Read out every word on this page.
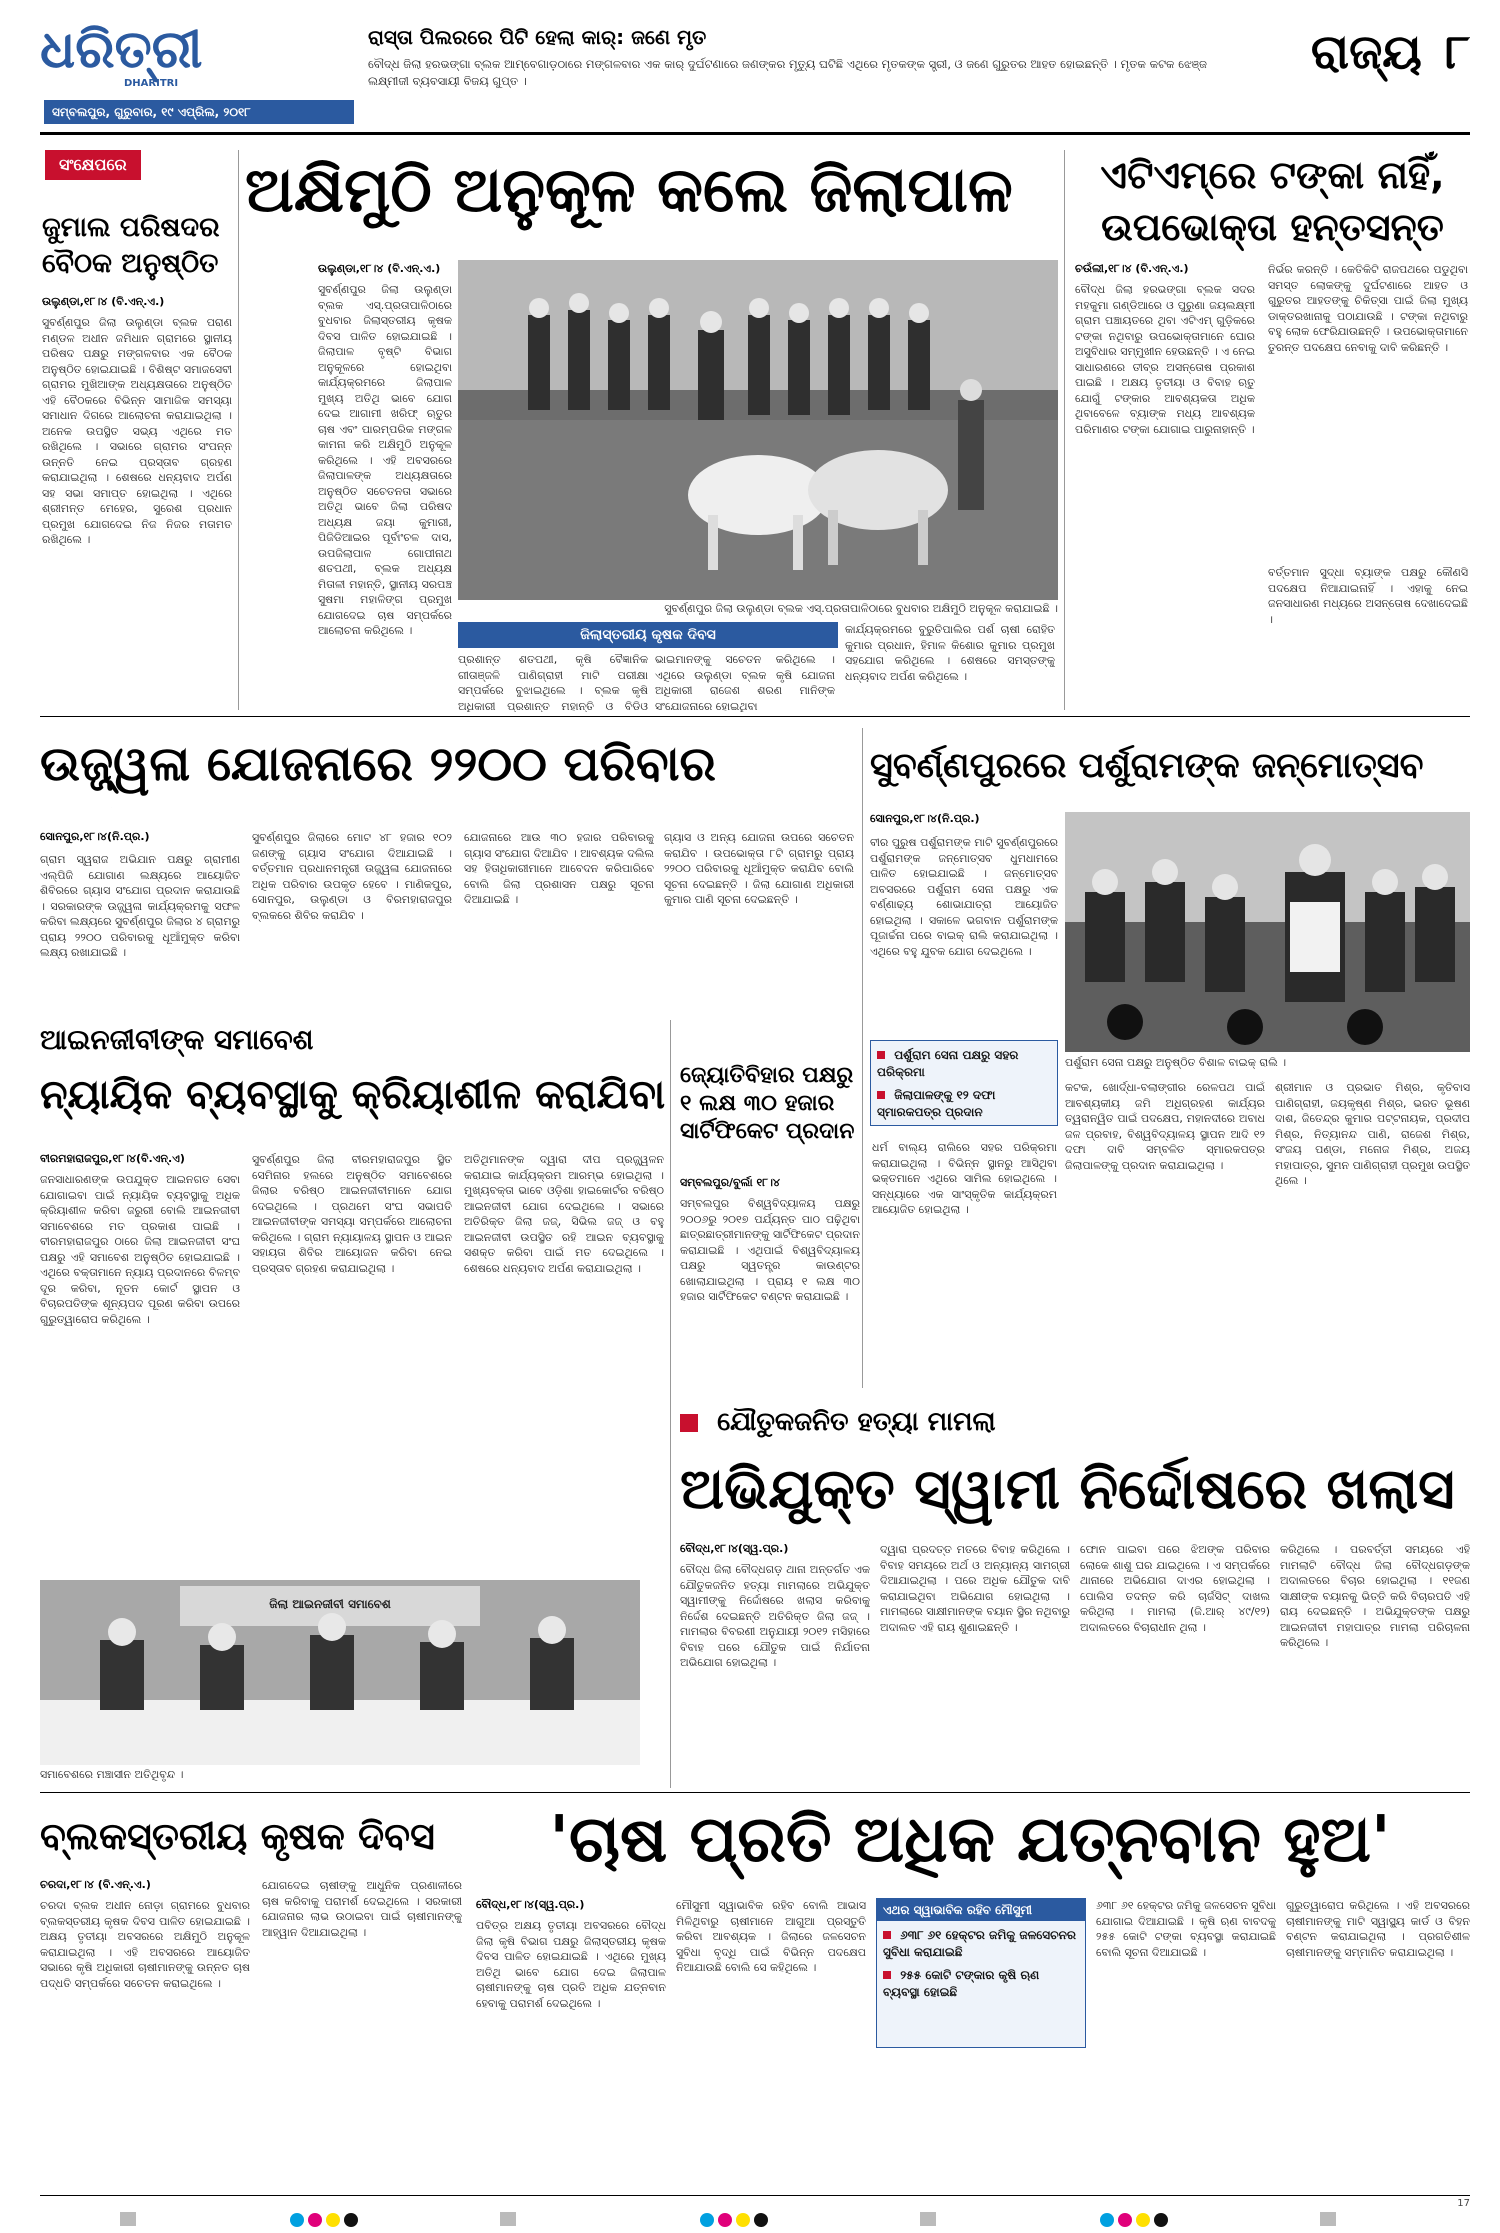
ଧରିତ୍ରୀ
DHARITRI
ସମ୍ବଲପୁର, ଗୁରୁବାର, ୧୯ ଏପ୍ରିଲ, ୨୦୧୮
ରାସ୍ତା ପିଲରରେ ପିଟି ହେଲା କାର୍: ଜଣେ ମୃତ
ବୌଦ୍ଧ ଜିଲା ହରଭଙ୍ଗା ବ୍ଲକ ଆମ୍ବେଗାଡ଼ଠାରେ ମଙ୍ଗଳବାର ଏକ କାର୍ ଦୁର୍ଘଟଣାରେ ଜଣଙ୍କର ମୃତ୍ୟୁ ଘଟିଛି ଏଥିରେ ମୃତକଙ୍କ ସ୍ତ୍ରୀ, ଓ ଜଣେ ଗୁରୁତର ଆହତ ହୋଇଛନ୍ତି । ମୃତକ କଟକ ଝେଞ୍ଜ ଲକ୍ଷ୍ମୀଜୀ ବ୍ୟବସାୟୀ ବିଜୟ ଗୁପ୍ତ ।
ରାଜ୍ୟ ୮
ସଂକ୍ଷେପରେ
ଜୁମାଲ ପରିଷଦର ବୈଠକ ଅନୁଷ୍ଠିତ
ଉଲୁଣ୍ଡା,୧୮।୪ (ବି.ଏନ୍.ଏ.)
ସୁବର୍ଣ୍ଣପୁର ଜିଲା ଉଲୁଣ୍ଡା ବ୍ଲକ ପରାଣ ମଣ୍ଡଳ ଅଧୀନ ଜମିଧାନ ଗ୍ରାମରେ ସ୍ଥାନୀୟ ପରିଷଦ ପକ୍ଷରୁ ମଙ୍ଗଳବାର ଏକ ବୈଠକ ଅନୁଷ୍ଠିତ ହୋଇଯାଇଛି । ବିଶିଷ୍ଟ ସମାଜସେବୀ ଗ୍ରାମର ମୁଖିଆଙ୍କ ଅଧ୍ୟକ୍ଷତାରେ ଅନୁଷ୍ଠିତ ଏହି ବୈଠକରେ ବିଭିନ୍ନ ସାମାଜିକ ସମସ୍ୟା ସମାଧାନ ଦିଗରେ ଆଲୋଚନା କରାଯାଇଥିଲା । ଅନେକ ଉପସ୍ଥିତ ସଭ୍ୟ ଏଥିରେ ମତ ରଖିଥିଲେ । ସଭାରେ ଗ୍ରାମର ସଂପନ୍ନ ଉନ୍ନତି ନେଇ ପ୍ରସ୍ତାବ ଗ୍ରହଣ କରାଯାଇଥିଲା । ଶେଷରେ ଧନ୍ୟବାଦ ଅର୍ପଣ ସହ ସଭା ସମାପ୍ତ ହୋଇଥିଲା । ଏଥିରେ ଶ୍ରୀମନ୍ତ ମେହେର, ସୁରେଶ ପ୍ରଧାନ ପ୍ରମୁଖ ଯୋଗଦେଇ ନିଜ ନିଜର ମତାମତ ରଖିଥିଲେ ।
ଅକ୍ଷିମୁଠି ଅନୁକୂଳ କଲେ ଜିଲାପାଳ
ଉଲୁଣ୍ଡା,୧୮।୪ (ବି.ଏନ୍.ଏ.)
ସୁବର୍ଣ୍ଣପୁର ଜିଲା ଉଲୁଣ୍ଡା ବ୍ଲକ ଏସ୍.ପ୍ରତାପାଳିଠାରେ ବୁଧବାର ଅକ୍ଷିମୁଠି ଅନୁକୂଳ କରାଯାଇଛି ।
ସୁବର୍ଣ୍ଣପୁର ଜିଲା ଉଲୁଣ୍ଡା ବ୍ଲକ ଏସ୍.ପ୍ରତାପାଳିଠାରେ ବୁଧବାର ଜିଲାସ୍ତରୀୟ କୃଷକ ଦିବସ ପାଳିତ ହୋଇଯାଇଛି । ଜିଲାପାଳ ବୃଷ୍ଟି ବିଭାଗ ଅନୁକୂଳରେ ହୋଇଥିବା କାର୍ଯ୍ୟକ୍ରମରେ ଜିଲାପାଳ ମୁଖ୍ୟ ଅତିଥି ଭାବେ ଯୋଗ ଦେଇ ଆଗାମୀ ଖରିଫ୍ ଋତୁର ଚାଷ ଏବଂ ପାରମ୍ପରିକ ମଙ୍ଗଳ କାମନା କରି ଅକ୍ଷିମୁଠି ଅନୁକୂଳ କରିଥିଲେ । ଏହି ଅବସରରେ ଜିଲାପାଳଙ୍କ ଅଧ୍ୟକ୍ଷତାରେ ଅନୁଷ୍ଠିତ ସଚେତନତା ସଭାରେ ଅତିଥି ଭାବେ ଜିଲା ପରିଷଦ ଅଧ୍ୟକ୍ଷ ଜୟା କୁମାରୀ, ପିଜିଡିଆଇର ପୂର୍ବାଂଚଳ ଦାସ, ଉପଜିଲାପାଳ ଗୋପୀନାଥ ଶତପଥୀ, ବ୍ଲକ ଅଧ୍ୟକ୍ଷ ମିତାଳୀ ମହାନ୍ତି, ସ୍ଥାନୀୟ ସରପଞ୍ଚ ସୁଷମା ମହାଳିଙ୍ଗ ପ୍ରମୁଖ ଯୋଗଦେଇ ଚାଷ ସମ୍ପର୍କରେ ଆଲୋଚନା କରିଥିଲେ ।	ଜିଲାସ୍ତରୀୟ କୃଷକ ଦିବସ
ପ୍ରଶାନ୍ତ ଶତପଥୀ, କୃଷି ବୈଜ୍ଞାନିକ ଗୀତାଞ୍ଜଳି ପାଣିଗ୍ରାହୀ ମାଟି ପରୀକ୍ଷା ସମ୍ପର୍କରେ ବୁଝାଇଥିଲେ । ବ୍ଲକ କୃଷି ଅଧିକାରୀ ପ୍ରଶାନ୍ତ ମହାନ୍ତି ଓ ବିଡିଓ
ଭାଇମାନଙ୍କୁ ସଚେତନ କରିଥିଲେ । ଏଥିରେ ଉଲୁଣ୍ଡା ବ୍ଲକ କୃଷି ଯୋଜନା ଅଧିକାରୀ ରାଜେଶ ଶରଣ ମାନିଙ୍କ ସଂଯୋଜନାରେ ହୋଇଥିବା
କାର୍ଯ୍ୟକ୍ରମରେ ବୁରୁତିପାଲିର ପର୍ଶ ଚାଷୀ ରୋହିତ କୁମାର ପ୍ରଧାନ, ହିମାଳ କିଶୋର କୁମାର ପ୍ରମୁଖ ସହଯୋଗ କରିଥିଲେ । ଶେଷରେ ସମସ୍ତଙ୍କୁ ଧନ୍ୟବାଦ ଅର୍ପଣ କରିଥିଲେ ।
ଏଟିଏମ୍‌ରେ ଟଙ୍କା ନାହିଁ,
ଉପଭୋକ୍ତା ହନ୍ତସନ୍ତ
ଚଉଁଲୀ,୧୮।୪ (ବି.ଏନ୍.ଏ.)
ବୌଦ୍ଧ ଜିଲା ହରଭଙ୍ଗା ବ୍ଲକ ସଦର ମହକୁମା ଗଣ୍ଡିଆରେ ଓ ପୁରୁଣା ଜୟଲକ୍ଷ୍ମୀ ଗ୍ରାମ ପଞ୍ଚାୟତରେ ଥିବା ଏଟିଏମ୍ ଗୁଡ଼ିକରେ ଟଙ୍କା ନଥିବାରୁ ଉପଭୋକ୍ତାମାନେ ଘୋର ଅସୁବିଧାର ସମ୍ମୁଖୀନ ହେଉଛନ୍ତି । ଏ ନେଇ ସାଧାରଣରେ ତୀବ୍ର ଅସନ୍ତୋଷ ପ୍ରକାଶ ପାଇଛି । ଅକ୍ଷୟ ତୃତୀୟା ଓ ବିବାହ ଋତୁ ଯୋଗୁଁ ଟଙ୍କାର ଆବଶ୍ୟକତା ଅଧିକ ଥିବାବେଳେ ବ୍ୟାଙ୍କ ମଧ୍ୟ ଆବଶ୍ୟକ ପରିମାଣର ଟଙ୍କା ଯୋଗାଇ ପାରୁନାହାନ୍ତି ।
ନିର୍ଭର କରନ୍ତି । କେତିକିଟି ରାଜପଥରେ ପଡୁଥିବା ସମସ୍ତ ଲୋକଙ୍କୁ ଦୁର୍ଘଟଣାରେ ଆହତ ଓ ଗୁରୁତର ଆହତଙ୍କୁ ଚିକିତ୍ସା ପାଇଁ ଜିଲା ମୁଖ୍ୟ ଡାକ୍ତରଖାନାକୁ ପଠାଯାଉଛି । ଟଙ୍କା ନଥିବାରୁ ବହୁ ଲୋକ ଫେରିଯାଉଛନ୍ତି । ଉପଭୋକ୍ତାମାନେ ତୁରନ୍ତ ପଦକ୍ଷେପ ନେବାକୁ ଦାବି କରିଛନ୍ତି ।
ବର୍ତ୍ତମାନ ସୁଦ୍ଧା ବ୍ୟାଙ୍କ ପକ୍ଷରୁ କୌଣସି ପଦକ୍ଷେପ ନିଆଯାଇନାହିଁ । ଏହାକୁ ନେଇ ଜନସାଧାରଣ ମଧ୍ୟରେ ଅସନ୍ତୋଷ ଦେଖାଦେଇଛି ।
ଉଜ୍ଜ୍ୱଳା ଯୋଜନାରେ ୨୨୦୦ ପରିବାର
ସୋନପୁର,୧୮।୪(ନି.ପ୍ର.)
ଗ୍ରାମ ସ୍ୱରାଜ ଅଭିଯାନ ପକ୍ଷରୁ ଗ୍ରାମୀଣ ଏଲ୍‌ପିଜି ଯୋଗାଣ ଲକ୍ଷ୍ୟରେ ଆୟୋଜିତ ଶିବିରରେ ଗ୍ୟାସ ସଂଯୋଗ ପ୍ରଦାନ କରାଯାଉଛି । ସରକାରଙ୍କ ଉଜ୍ଜ୍ୱଳା କାର୍ଯ୍ୟକ୍ରମକୁ ସଫଳ କରିବା ଲକ୍ଷ୍ୟରେ ସୁବର୍ଣ୍ଣପୁର ଜିଲାର ୪ ଗ୍ରାମରୁ ପ୍ରାୟ ୨୨୦୦ ପରିବାରକୁ ଧୂଆଁମୁକ୍ତ କରିବା ଲକ୍ଷ୍ୟ ରଖାଯାଇଛି ।
ସୁବର୍ଣ୍ଣପୁର ଜିଲାରେ ମୋଟ ୪୮ ହଜାର ୧୦୨ ଜଣଙ୍କୁ ଗ୍ୟାସ ସଂଯୋଗ ଦିଆଯାଇଛି । ବର୍ତ୍ତମାନ ପ୍ରଧାନମନ୍ତ୍ରୀ ଉଜ୍ଜ୍ୱଳା ଯୋଜନାରେ ଅଧିକ ପରିବାର ଉପକୃତ ହେବେ । ମାଣିକପୁର, ସୋନପୁର, ଉଲୁଣ୍ଡା ଓ ବିରମହାରାଜପୁର ବ୍ଲକରେ ଶିବିର କରାଯିବ ।
ଯୋଜନାରେ ଆଉ ୩୦ ହଜାର ପରିବାରକୁ ଗ୍ୟାସ ସଂଯୋଗ ଦିଆଯିବ । ଆବଶ୍ୟକ ଦଲିଲ ସହ ହିତାଧିକାରୀମାନେ ଆବେଦନ କରିପାରିବେ ବୋଲି ଜିଲା ପ୍ରଶାସନ ପକ୍ଷରୁ ସୂଚନା ଦିଆଯାଇଛି ।
ଗ୍ୟାସ ଓ ଅନ୍ୟ ଯୋଜନା ଉପରେ ସଚେତନ କରାଯିବ । ଉପଭୋକ୍ତା ୮ଟି ଗ୍ରାମରୁ ପ୍ରାୟ ୨୨୦୦ ପରିବାରକୁ ଧୂଆଁମୁକ୍ତ କରାଯିବ ବୋଲି ସୂଚନା ଦେଇଛନ୍ତି । ଜିଲା ଯୋଗାଣ ଅଧିକାରୀ କୁମାର ପାଣି ସୂଚନା ଦେଇଛନ୍ତି ।
ସୁବର୍ଣ୍ଣପୁରରେ ପର୍ଶୁରାମଙ୍କ ଜନ୍ମୋତ୍ସବ
ସୋନପୁର,୧୮।୪(ନି.ପ୍ର.)
ପର୍ଶୁରାମ ସେନା ପକ୍ଷରୁ ଅନୁଷ୍ଠିତ ବିଶାଳ ବାଇକ୍ ରାଲି ।
ବୀର ପୁରୁଷ ପର୍ଶୁରାମଙ୍କ ମାଟି ସୁବର୍ଣ୍ଣପୁରରେ ପର୍ଶୁରାମଙ୍କ ଜନ୍ମୋତ୍ସବ ଧୁମଧାମରେ ପାଳିତ ହୋଇଯାଇଛି । ଜନ୍ମୋତ୍ସବ ଅବସରରେ ପର୍ଶୁରାମ ସେନା ପକ୍ଷରୁ ଏକ ବର୍ଣ୍ଣାଢ୍ୟ ଶୋଭାଯାତ୍ରା ଆୟୋଜିତ ହୋଇଥିଲା । ସକାଳେ ଭଗବାନ ପର୍ଶୁରାମଙ୍କ ପୂଜାର୍ଚ୍ଚନା ପରେ ବାଇକ୍ ରାଲି କରାଯାଇଥିଲା । ଏଥିରେ ବହୁ ଯୁବକ ଯୋଗ ଦେଇଥିଲେ ।
ପର୍ଶୁରାମ ସେନା ପକ୍ଷରୁ ସହର ପରିକ୍ରମା
ଜିଲାପାଳଙ୍କୁ ୧୨ ଦଫା ସ୍ମାରକପତ୍ର ପ୍ରଦାନ
କଟକ, ଖୋର୍ଦ୍ଧା-ବଲାଙ୍ଗୀର ରେଳପଥ ପାଇଁ ଆବଶ୍ୟକୀୟ ଜମି ଅଧିଗ୍ରହଣ କାର୍ଯ୍ୟର ତ୍ୱରାନ୍ୱିତ ପାଇଁ ପଦକ୍ଷେପ, ମହାନଦୀରେ ଅବାଧ ଜଳ ପ୍ରବାହ, ବିଶ୍ୱବିଦ୍ୟାଳୟ ସ୍ଥାପନ ଆଦି ୧୨ ଦଫା ଦାବି ସମ୍ବଳିତ ସ୍ମାରକପତ୍ର ଜିଲାପାଳଙ୍କୁ ପ୍ରଦାନ କରାଯାଇଥିଲା ।
ଶ୍ରୀମାନ ଓ ପ୍ରଭାତ ମିଶ୍ର, କୃତିବାସ ପାଣିଗ୍ରାହୀ, ଜୟକୃଷ୍ଣ ମିଶ୍ର, ଭରତ ଭୂଷଣ ଦାଶ, ଜିତେନ୍ଦ୍ର କୁମାର ପଟ୍ଟନାୟକ, ପ୍ରଦୀପ ମିଶ୍ର, ନିତ୍ୟାନନ୍ଦ ପାଣି, ରାଜେଶ ମିଶ୍ର, ସଂଜୟ ପଣ୍ଡା, ମନୋଜ ମିଶ୍ର, ଅଜୟ ମହାପାତ୍ର, ସୁମନ ପାଣିଗ୍ରାହୀ ପ୍ରମୁଖ ଉପସ୍ଥିତ ଥିଲେ ।
ଆଇନଜୀବୀଙ୍କ ସମାବେଶ
ନ୍ୟାୟିକ ବ୍ୟବସ୍ଥାକୁ କ୍ରିୟାଶୀଳ କରାଯିବା
ବୀରମହାରାଜପୁର,୧୮।୪(ବି.ଏନ୍.ଏ)
ଜନସାଧାରଣଙ୍କ ଉପଯୁକ୍ତ ଆଇନଗତ ସେବା ଯୋଗାଇବା ପାଇଁ ନ୍ୟାୟିକ ବ୍ୟବସ୍ଥାକୁ ଅଧିକ କ୍ରିୟାଶୀଳ କରିବା ଜରୁରୀ ବୋଲି ଆଇନଜୀବୀ ସମାବେଶରେ ମତ ପ୍ରକାଶ ପାଇଛି । ବୀରମହାରାଜପୁର ଠାରେ ଜିଲା ଆଇନଜୀବୀ ସଂଘ ପକ୍ଷରୁ ଏହି ସମାବେଶ ଅନୁଷ୍ଠିତ ହୋଇଯାଇଛି । ଏଥିରେ ବକ୍ତାମାନେ ନ୍ୟାୟ ପ୍ରଦାନରେ ବିଳମ୍ବ ଦୂର କରିବା, ନୂତନ କୋର୍ଟ ସ୍ଥାପନ ଓ ବିଚାରପତିଙ୍କ ଶୂନ୍ୟପଦ ପୂରଣ କରିବା ଉପରେ ଗୁରୁତ୍ୱାରୋପ କରିଥିଲେ ।
ସୁବର୍ଣ୍ଣପୁର ଜିଲା ବୀରମହାରାଜପୁର ସ୍ଥିତ ସେମିନାର ହଲରେ ଅନୁଷ୍ଠିତ ସମାବେଶରେ ଜିଲାର ବରିଷ୍ଠ ଆଇନଜୀବୀମାନେ ଯୋଗ ଦେଇଥିଲେ । ପ୍ରଥମେ ସଂଘ ସଭାପତି ଆଇନଜୀବୀଙ୍କ ସମସ୍ୟା ସମ୍ପର୍କରେ ଆଲୋଚନା କରିଥିଲେ । ଗ୍ରାମ ନ୍ୟାୟାଳୟ ସ୍ଥାପନ ଓ ଆଇନ ସହାୟତା ଶିବିର ଆୟୋଜନ କରିବା ନେଇ ପ୍ରସ୍ତାବ ଗ୍ରହଣ କରାଯାଇଥିଲା ।
ଅତିଥିମାନଙ୍କ ଦ୍ୱାରା ଦୀପ ପ୍ରଜ୍ଜ୍ୱଳନ କରାଯାଇ କାର୍ଯ୍ୟକ୍ରମ ଆରମ୍ଭ ହୋଇଥିଲା । ମୁଖ୍ୟବକ୍ତା ଭାବେ ଓଡ଼ିଶା ହାଇକୋର୍ଟର ବରିଷ୍ଠ ଆଇନଜୀବୀ ଯୋଗ ଦେଇଥିଲେ । ସଭାରେ ଅତିରିକ୍ତ ଜିଲା ଜଜ୍, ସିଭିଲ ଜଜ୍ ଓ ବହୁ ଆଇନଜୀବୀ ଉପସ୍ଥିତ ରହି ଆଇନ ବ୍ୟବସ୍ଥାକୁ ସଶକ୍ତ କରିବା ପାଇଁ ମତ ଦେଇଥିଲେ । ଶେଷରେ ଧନ୍ୟବାଦ ଅର୍ପଣ କରାଯାଇଥିଲା ।
ଜିଲା ଆଇନଜୀବୀ ସମାବେଶ
ସମାବେଶରେ ମଞ୍ଚାସୀନ ଅତିଥିବୃନ୍ଦ ।
ଜ୍ୟୋତିବିହାର ପକ୍ଷରୁ ୧ ଲକ୍ଷ ୩୦ ହଜାର ସାର୍ଟିଫିକେଟ ପ୍ରଦାନ
ସମ୍ବଲପୁର/ବୁର୍ଲା ୧୮।୪
ସମ୍ବଲପୁର ବିଶ୍ୱବିଦ୍ୟାଳୟ ପକ୍ଷରୁ ୨୦୦୬ରୁ ୨୦୧୭ ପର୍ଯ୍ୟନ୍ତ ପାଠ ପଢ଼ିଥିବା ଛାତ୍ରଛାତ୍ରୀମାନଙ୍କୁ ସାର୍ଟିଫିକେଟ ପ୍ରଦାନ କରାଯାଇଛି । ଏଥିପାଇଁ ବିଶ୍ୱବିଦ୍ୟାଳୟ ପକ୍ଷରୁ ସ୍ୱତନ୍ତ୍ର କାଉଣ୍ଟର ଖୋଲାଯାଇଥିଲା । ପ୍ରାୟ ୧ ଲକ୍ଷ ୩୦ ହଜାର ସାର୍ଟିଫିକେଟ ବଣ୍ଟନ କରାଯାଇଛି ।
ଧର୍ମ ବାଲ୍ୟ ରାଲିରେ ସହର ପରିକ୍ରମା କରାଯାଇଥିଲା । ବିଭିନ୍ନ ସ୍ଥାନରୁ ଆସିଥିବା ଭକ୍ତମାନେ ଏଥିରେ ସାମିଲ ହୋଇଥିଲେ । ସନ୍ଧ୍ୟାରେ ଏକ ସାଂସ୍କୃତିକ କାର୍ଯ୍ୟକ୍ରମ ଆୟୋଜିତ ହୋଇଥିଲା ।
ଯୌତୁକଜନିତ ହତ୍ୟା ମାମଲା
ଅଭିଯୁକ୍ତ ସ୍ୱାମୀ ନିର୍ଦ୍ଦୋଷରେ ଖଲାସ
ବୌଦ୍ଧ,୧୮।୪(ସ୍ୱ.ପ୍ର.)
ବୌଦ୍ଧ ଜିଲା ବୌଦ୍ଧଗଡ଼ ଥାନା ଅନ୍ତର୍ଗତ ଏକ ଯୌତୁକଜନିତ ହତ୍ୟା ମାମଲାରେ ଅଭିଯୁକ୍ତ ସ୍ୱାମୀଙ୍କୁ ନିର୍ଦ୍ଦୋଷରେ ଖଲାସ କରିବାକୁ ନିର୍ଦ୍ଦେଶ ଦେଇଛନ୍ତି ଅତିରିକ୍ତ ଜିଲା ଜଜ୍ । ମାମଲାର ବିବରଣୀ ଅନୁଯାୟୀ ୨୦୧୨ ମସିହାରେ ବିବାହ ପରେ ଯୌତୁକ ପାଇଁ ନିର୍ଯାତନା ଅଭିଯୋଗ ହୋଇଥିଲା ।
ଦ୍ୱାରା ପ୍ରଦତ୍ତ ମତରେ ବିବାହ କରିଥିଲେ । ବିବାହ ସମୟରେ ଅର୍ଥ ଓ ଅନ୍ୟାନ୍ୟ ସାମଗ୍ରୀ ଦିଆଯାଇଥିଲା । ପରେ ଅଧିକ ଯୌତୁକ ଦାବି କରାଯାଇଥିବା ଅଭିଯୋଗ ହୋଇଥିଲା । ମାମଲାରେ ସାକ୍ଷୀମାନଙ୍କ ବୟାନ ସ୍ଥିର ନଥିବାରୁ ଅଦାଲତ ଏହି ରାୟ ଶୁଣାଇଛନ୍ତି ।
ଫୋନ ପାଇବା ପରେ ଝିଅଙ୍କ ପରିବାର ଲୋକେ ଶାଶୁ ଘର ଯାଇଥିଲେ । ଏ ସମ୍ପର୍କରେ ଥାନାରେ ଅଭିଯୋଗ ଦାଏର ହୋଇଥିଲା । ପୋଲିସ ତଦନ୍ତ କରି ଚାର୍ଜସିଟ୍ ଦାଖଲ କରିଥିଲା । ମାମଲା (ଜି.ଆର୍ ୪୯/୧୨) ଅଦାଲତରେ ବିଚାରାଧୀନ ଥିଲା ।
କରିଥିଲେ । ପରବର୍ତ୍ତୀ ସମୟରେ ଏହି ମାମଲାଟି ବୌଦ୍ଧ ଜିଲା ବୌଦ୍ଧଗଡ଼ଙ୍କ ଅଦାଲତରେ ବିଚାର ହୋଇଥିଲା । ୧୧ଜଣ ସାକ୍ଷୀଙ୍କ ବୟାନକୁ ଭିତ୍ତି କରି ବିଚାରପତି ଏହି ରାୟ ଦେଇଛନ୍ତି । ଅଭିଯୁକ୍ତଙ୍କ ପକ୍ଷରୁ ଆଇନଜୀବୀ ମହାପାତ୍ର ମାମଲା ପରିଚାଳନା କରିଥିଲେ ।
ବ୍ଲକସ୍ତରୀୟ କୃଷକ ଦିବସ
ଚରଦା,୧୮।୪ (ବି.ଏନ୍.ଏ.)
ଚରଦା ବ୍ଲକ ଅଧୀନ ନୋଡ଼ା ଗ୍ରାମରେ ବୁଧବାର ବ୍ଲକସ୍ତରୀୟ କୃଷକ ଦିବସ ପାଳିତ ହୋଇଯାଇଛି । ଅକ୍ଷୟ ତୃତୀୟା ଅବସରରେ ଅକ୍ଷିମୁଠି ଅନୁକୂଳ କରାଯାଇଥିଲା । ଏହି ଅବସରରେ ଆୟୋଜିତ ସଭାରେ କୃଷି ଅଧିକାରୀ ଚାଷୀମାନଙ୍କୁ ଉନ୍ନତ ଚାଷ ପଦ୍ଧତି ସମ୍ପର୍କରେ ସଚେତନ କରାଇଥିଲେ ।
ଯୋଗଦେଇ ଚାଷୀଙ୍କୁ ଆଧୁନିକ ପ୍ରଣାଳୀରେ ଚାଷ କରିବାକୁ ପରାମର୍ଶ ଦେଇଥିଲେ । ସରକାରୀ ଯୋଜନାର ଲାଭ ଉଠାଇବା ପାଇଁ ଚାଷୀମାନଙ୍କୁ ଆହ୍ୱାନ ଦିଆଯାଇଥିଲା ।
'ଚାଷ ପ୍ରତି ଅଧିକ ଯତ୍ନବାନ ହୁଅ'
ବୌଦ୍ଧ,୧୮।୪(ସ୍ୱ.ପ୍ର.)
ପବିତ୍ର ଅକ୍ଷୟ ତୃତୀୟା ଅବସରରେ ବୌଦ୍ଧ ଜିଲା କୃଷି ବିଭାଗ ପକ୍ଷରୁ ଜିଲାସ୍ତରୀୟ କୃଷକ ଦିବସ ପାଳିତ ହୋଇଯାଇଛି । ଏଥିରେ ମୁଖ୍ୟ ଅତିଥି ଭାବେ ଯୋଗ ଦେଇ ଜିଲାପାଳ ଚାଷୀମାନଙ୍କୁ ଚାଷ ପ୍ରତି ଅଧିକ ଯତ୍ନବାନ ହେବାକୁ ପରାମର୍ଶ ଦେଇଥିଲେ ।
ମୌସୁମୀ ସ୍ୱାଭାବିକ ରହିବ ବୋଲି ଆଭାସ ମିଳିଥିବାରୁ ଚାଷୀମାନେ ଆଗୁଆ ପ୍ରସ୍ତୁତି କରିବା ଆବଶ୍ୟକ । ଜିଲାରେ ଜଳସେଚନ ସୁବିଧା ବୃଦ୍ଧି ପାଇଁ ବିଭିନ୍ନ ପଦକ୍ଷେପ ନିଆଯାଉଛି ବୋଲି ସେ କହିଥିଲେ ।
ଏଥର ସ୍ୱାଭାବିକ ରହିବ ମୌସୁମୀ
୬୩୮ ୬୧ ହେକ୍ଟର ଜମିକୁ ଜଳସେଚନର ସୁବିଧା କରାଯାଇଛି
୨୫୫ କୋଟି ଟଙ୍କାର କୃଷି ଋଣ ବ୍ୟବସ୍ଥା ହୋଇଛି
୬୩୮ ୬୧ ହେକ୍ଟର ଜମିକୁ ଜଳସେଚନ ସୁବିଧା ଯୋଗାଇ ଦିଆଯାଇଛି । କୃଷି ଋଣ ବାବଦକୁ ୨୫୫ କୋଟି ଟଙ୍କା ବ୍ୟବସ୍ଥା କରାଯାଇଛି ବୋଲି ସୂଚନା ଦିଆଯାଇଛି ।
ଗୁରୁତ୍ୱାରୋପ କରିଥିଲେ । ଏହି ଅବସରରେ ଚାଷୀମାନଙ୍କୁ ମାଟି ସ୍ୱାସ୍ଥ୍ୟ କାର୍ଡ ଓ ବିହନ ବଣ୍ଟନ କରାଯାଇଥିଲା । ପ୍ରଗତିଶୀଳ ଚାଷୀମାନଙ୍କୁ ସମ୍ମାନିତ କରାଯାଇଥିଲା ।
17
